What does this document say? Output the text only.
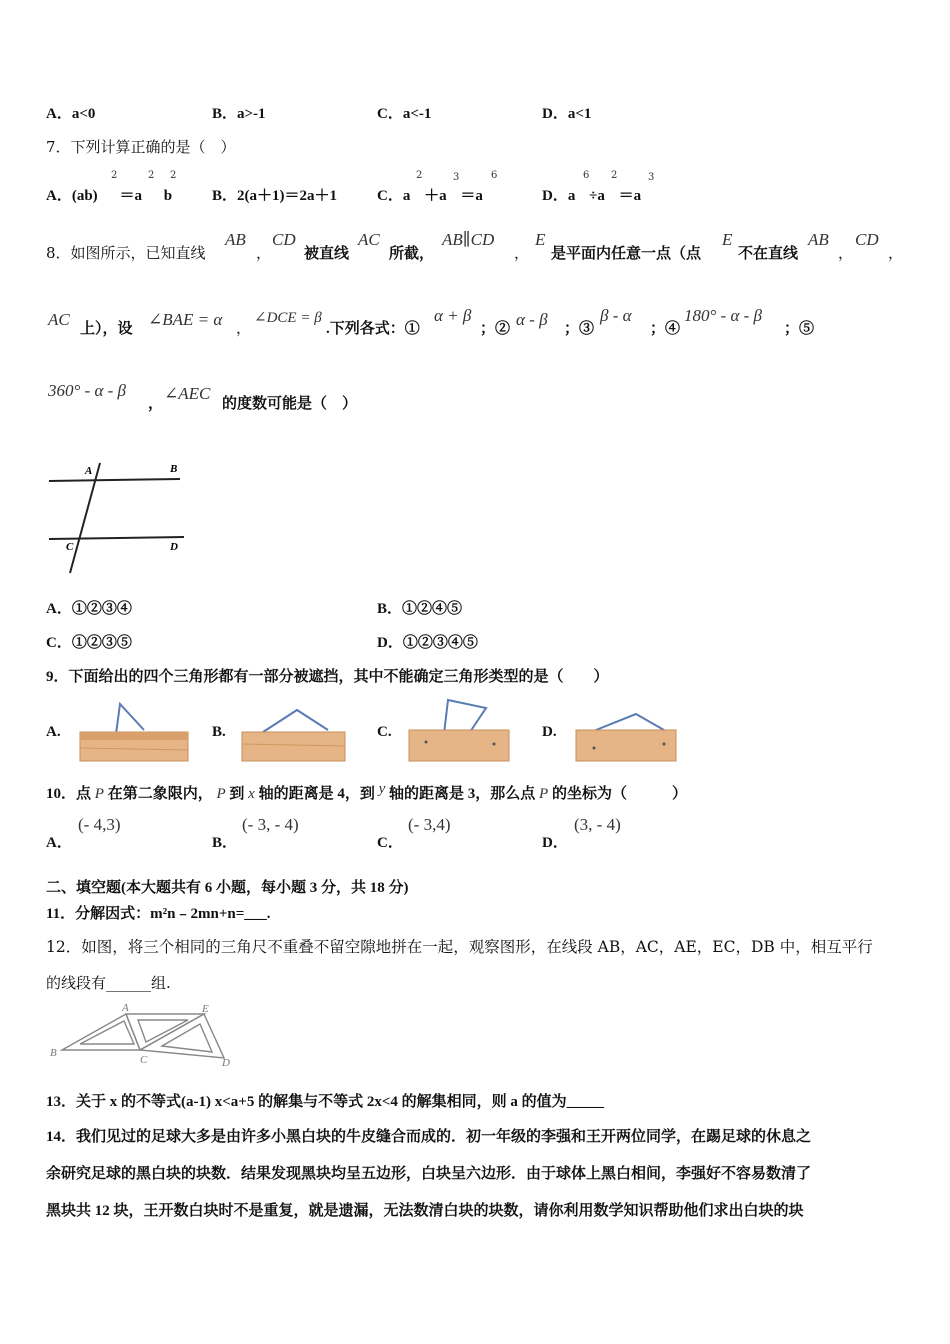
A．a<0	B．a>-1	C．a<-1	D．a<1
7．下列计算正确的是（　）
A．(ab) ＝a b
2	2 2
B．2(a＋1)＝2a＋1	C．a ＋a ＝a
2	3	6
D．a ÷a ＝a
6 2	3
8．如图所示，已知直线
AB
，
CD
被直线
AC
所截，
AB∥CD
，
E
是平面内任意一点（点
E
不在直线
AB
，
CD
，
AC 上），设 ∠BAE = α ，
∠DCE = β
.下列各式：①
α + β
；② α - β ；③
β - α
；④
180° - α - β
；⑤
360° - α - β
，
∠AEC
的度数可能是（　）
A	B
C	D
A．①②③④	B．①②④⑤
C．①②③⑤	D．①②③④⑤
9．下面给出的四个三角形都有一部分被遮挡，其中不能确定三角形类型的是（　　）
A.	B.	C.	D.
10．点 P 在第二象限内， P 到 x 轴的距离是 4，到 y 轴的距离是 3，那么点 P 的坐标为（　　　）
A．
(- 4,3)
B．
(- 3, - 4)
C．
(- 3,4)
D．
(3, - 4)
二、填空题(本大题共有 6 小题，每小题 3 分，共 18 分)
11．分解因式：m²n﹣2mn+n=___.
12．如图，将三个相同的三角尺不重叠不留空隙地拼在一起，观察图形，在线段 AB，AC，AE，EC，DB 中，相互平行
的线段有______组.
A	E
B
C	D
13．关于 x 的不等式(a-1) x<a+5 的解集与不等式 2x<4 的解集相同，则 a 的值为_____
14．我们见过的足球大多是由许多小黑白块的牛皮缝合而成的．初一年级的李强和王开两位同学，在踢足球的休息之
余研究足球的黑白块的块数．结果发现黑块均呈五边形，白块呈六边形．由于球体上黑白相间，李强好不容易数清了
黑块共 12 块，王开数白块时不是重复，就是遗漏，无法数清白块的块数，请你利用数学知识帮助他们求出白块的块
